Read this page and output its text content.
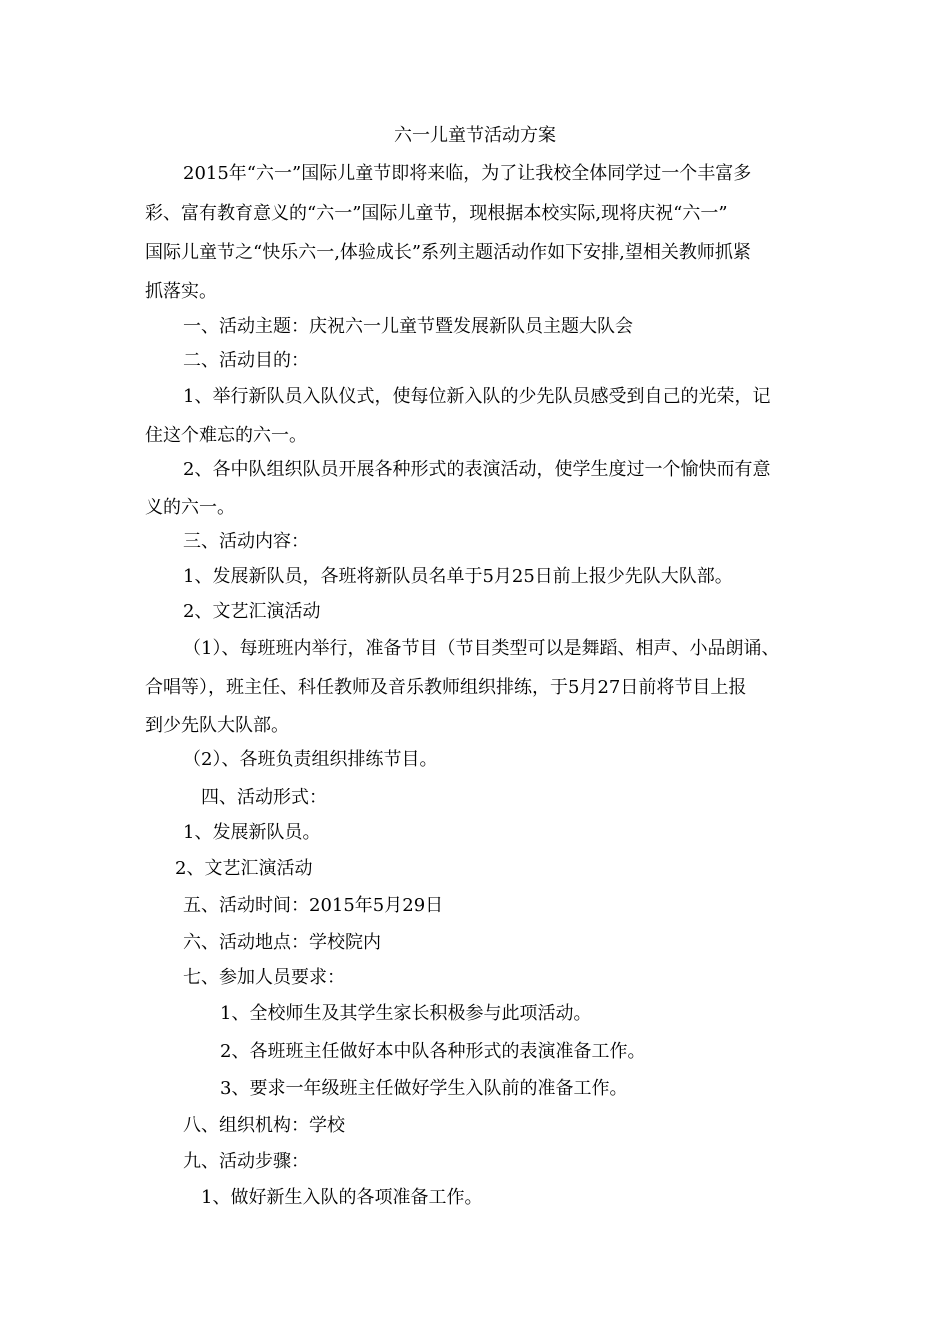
六一儿童节活动方案
2015年“六一”国际儿童节即将来临，为了让我校全体同学过一个丰富多
彩、富有教育意义的“六一”国际儿童节，现根据本校实际,现将庆祝“六一”
国际儿童节之“快乐六一,体验成长”系列主题活动作如下安排,望相关教师抓紧
抓落实。
一、活动主题：庆祝六一儿童节暨发展新队员主题大队会
二、活动目的：
1、举行新队员入队仪式，使每位新入队的少先队员感受到自己的光荣，记
住这个难忘的六一。
2、各中队组织队员开展各种形式的表演活动，使学生度过一个愉快而有意
义的六一。
三、活动内容：
1、发展新队员，各班将新队员名单于5月25日前上报少先队大队部。
2、文艺汇演活动
（1）、每班班内举行，准备节目（节目类型可以是舞蹈、相声、小品朗诵、
合唱等），班主任、科任教师及音乐教师组织排练，于5月27日前将节目上报
到少先队大队部。
（2）、各班负责组织排练节目。
四、活动形式：
1、发展新队员。
2、文艺汇演活动
五、活动时间：2015年5月29日
六、活动地点：学校院内
七、参加人员要求：
1、全校师生及其学生家长积极参与此项活动。
2、各班班主任做好本中队各种形式的表演准备工作。
3、要求一年级班主任做好学生入队前的准备工作。
八、组织机构：学校
九、活动步骤：
1、做好新生入队的各项准备工作。
